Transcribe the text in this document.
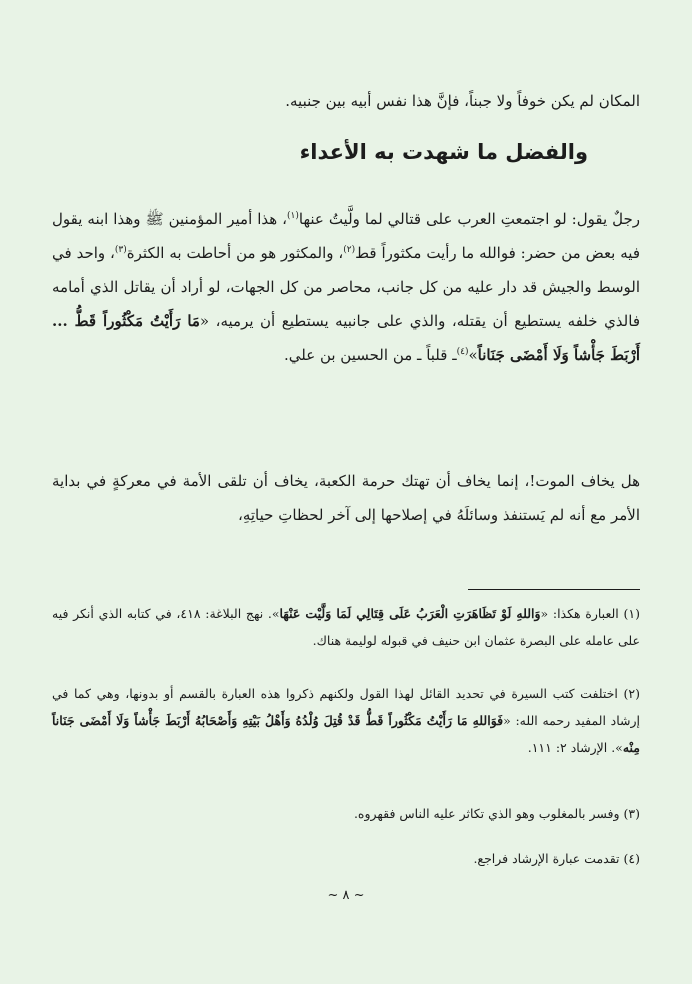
المكان لم يكن خوفاً ولا جبناً، فإنَّ هذا نفس أبيه بين جنبيه.

والفضل ما شهدت به الأعداء

رجلٌ يقول: لو اجتمعتِ العرب على قتالي لما ولَّيتُ عنها$^{(١)}$، هذا أمير المؤمنين ﷺ وهذا ابنه يقول فيه بعض من حضر: فوالله ما رأيت مكثوراً قط$^{(٢)}$، والمكثور هو من أحاطت به الكثرة$^{(٣)}$، واحد في الوسط والجيش قد دار عليه من كل جانب، محاصر من كل الجهات، لو أراد أن يقاتل الذي أمامه فالذي خلفه يستطيع أن يقتله، والذي على جانبيه يستطيع أن يرميه، «مَا رَأَيْتُ مَكْثُوراً قَطُّ ... أَرْبَطَ جَأْشاً وَلَا أَمْضَى جَنَاناً»$^{(٤)}$ـ قلباً ـ من الحسين بن علي.

هل يخاف الموت!، إنما يخاف أن تهتك حرمة الكعبة، يخاف أن تلقى الأمة في معركةٍ في بداية الأمر مع أنه لم يَستنفذ وسائلَهُ في إصلاحها إلى آخر لحظاتِ حياتِهِ،

(١) العبارة هكذا: «وَاللهِ لَوْ تَظَاهَرَتِ الْعَرَبُ عَلَى قِتَالِي لَمَا وَلَّيْت عَنْهَا». نهج البلاغة: ٤١٨، في كتابه الذي أنكر فيه على عامله على البصرة عثمان ابن حنيف في قبوله لوليمة هناك.

(٢) اختلفت كتب السيرة في تحديد القائل لهذا القول ولكنهم ذكروا هذه العبارة بالقسم أو بدونها، وهي كما في إرشاد المفيد رحمه الله: «فَوَاللهِ مَا رَأَيْتُ مَكْثُوراً قَطُّ قَدْ قُتِلَ وُلْدُهُ وَأَهْلُ بَيْتِهِ وَأَصْحَابُهُ أَرْبَطَ جَأْشاً وَلَا أَمْضَى جَنَاناً مِنْه». الإرشاد ٢: ١١١.

(٣) وفسر بالمغلوب وهو الذي تكاثر عليه الناس فقهروه.

(٤) تقدمت عبارة الإرشاد فراجع.

~ ٨ ~
